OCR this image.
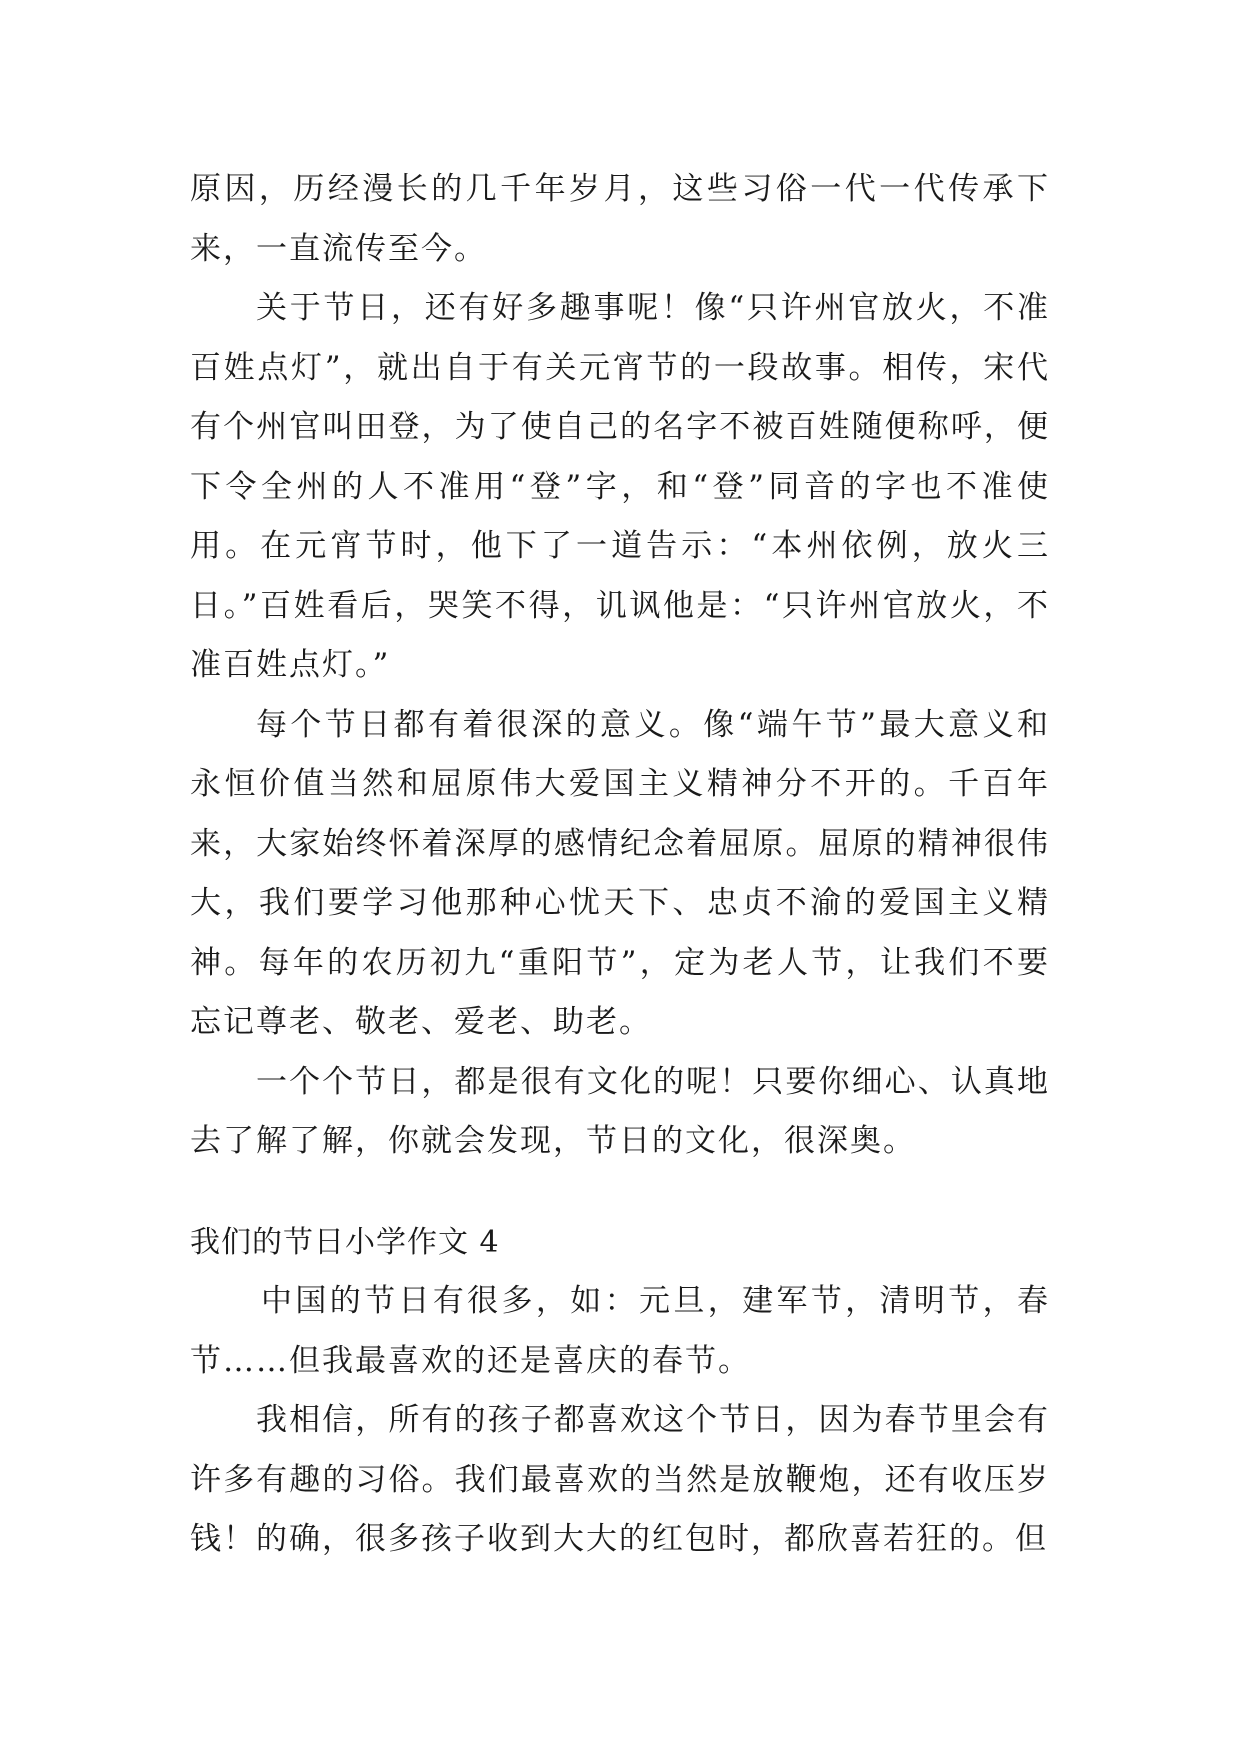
原因，历经漫长的几千年岁月，这些习俗一代一代传承下来，一直流传至今。

关于节日，还有好多趣事呢！像“只许州官放火，不准百姓点灯”，就出自于有关元宵节的一段故事。相传，宋代有个州官叫田登，为了使自己的名字不被百姓随便称呼，便下令全州的人不准用“登”字，和“登”同音的字也不准使用。在元宵节时，他下了一道告示：“本州依例，放火三日。”百姓看后，哭笑不得，讥讽他是：“只许州官放火，不准百姓点灯。”

每个节日都有着很深的意义。像“端午节”最大意义和永恒价值当然和屈原伟大爱国主义精神分不开的。千百年来，大家始终怀着深厚的感情纪念着屈原。屈原的精神很伟大，我们要学习他那种心忧天下、忠贞不渝的爱国主义精神。每年的农历初九“重阳节”，定为老人节，让我们不要忘记尊老、敬老、爱老、助老。

一个个节日，都是很有文化的呢！只要你细心、认真地去了解了解，你就会发现，节日的文化，很深奥。

我们的节日小学作文 4

中国的节日有很多，如：元旦，建军节，清明节，春节……但我最喜欢的还是喜庆的春节。

我相信，所有的孩子都喜欢这个节日，因为春节里会有许多有趣的习俗。我们最喜欢的当然是放鞭炮，还有收压岁钱！的确，很多孩子收到大大的红包时，都欣喜若狂的。但
